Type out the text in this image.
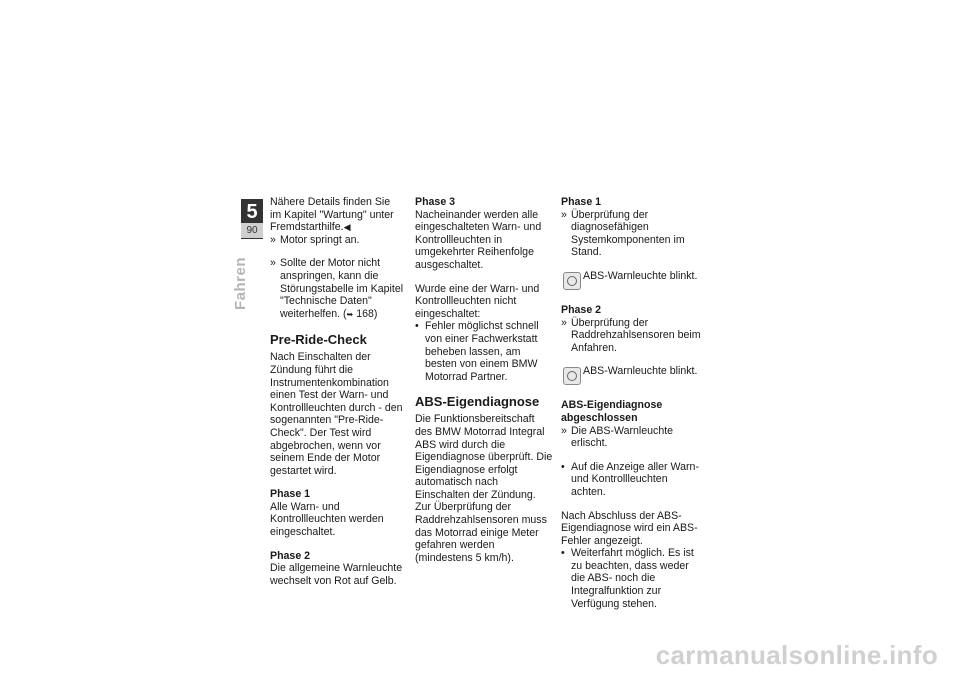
5
90
Fahren

Nähere Details finden Sie
im Kapitel "Wartung" unter
Fremdstarthilfe.◀

» Motor springt an.

» Sollte der Motor nicht anspringen, kann die Störungstabelle im Kapitel "Technische Daten" weiterhelfen. (➥ 168)

Pre-Ride-Check

Nach Einschalten der Zündung führt die Instrumentenkombination einen Test der Warn- und Kontrollleuchten durch - den sogenannten "Pre-Ride-Check". Der Test wird abgebrochen, wenn vor seinem Ende der Motor gestartet wird.

Phase 1

Alle Warn- und Kontrollleuchten werden eingeschaltet.

Phase 2

Die allgemeine Warnleuchte wechselt von Rot auf Gelb.

Phase 3

Nacheinander werden alle eingeschalteten Warn- und Kontrollleuchten in umgekehrter Reihenfolge ausgeschaltet.

Wurde eine der Warn- und Kontrollleuchten nicht eingeschaltet:

• Fehler möglichst schnell von einer Fachwerkstatt beheben lassen, am besten von einem BMW Motorrad Partner.

ABS-Eigendiagnose

Die Funktionsbereitschaft des BMW Motorrad Integral ABS wird durch die Eigendiagnose überprüft. Die Eigendiagnose erfolgt automatisch nach Einschalten der Zündung. Zur Überprüfung der Raddrehzahlsensoren muss das Motorrad einige Meter gefahren werden (mindestens 5 km/h).

Phase 1

» Überprüfung der diagnosefähigen Systemkomponenten im Stand.

ABS-Warnleuchte blinkt.
Phase 2

» Überprüfung der Raddrehzahlsensoren beim Anfahren.

ABS-Warnleuchte blinkt.
ABS-Eigendiagnose abgeschlossen

» Die ABS-Warnleuchte erlischt.

• Auf die Anzeige aller Warn- und Kontrollleuchten achten.

Nach Abschluss der ABS-Eigendiagnose wird ein ABS-Fehler angezeigt.

• Weiterfahrt möglich. Es ist zu beachten, dass weder die ABS- noch die Integralfunktion zur Verfügung stehen.

carmanualsonline.info
